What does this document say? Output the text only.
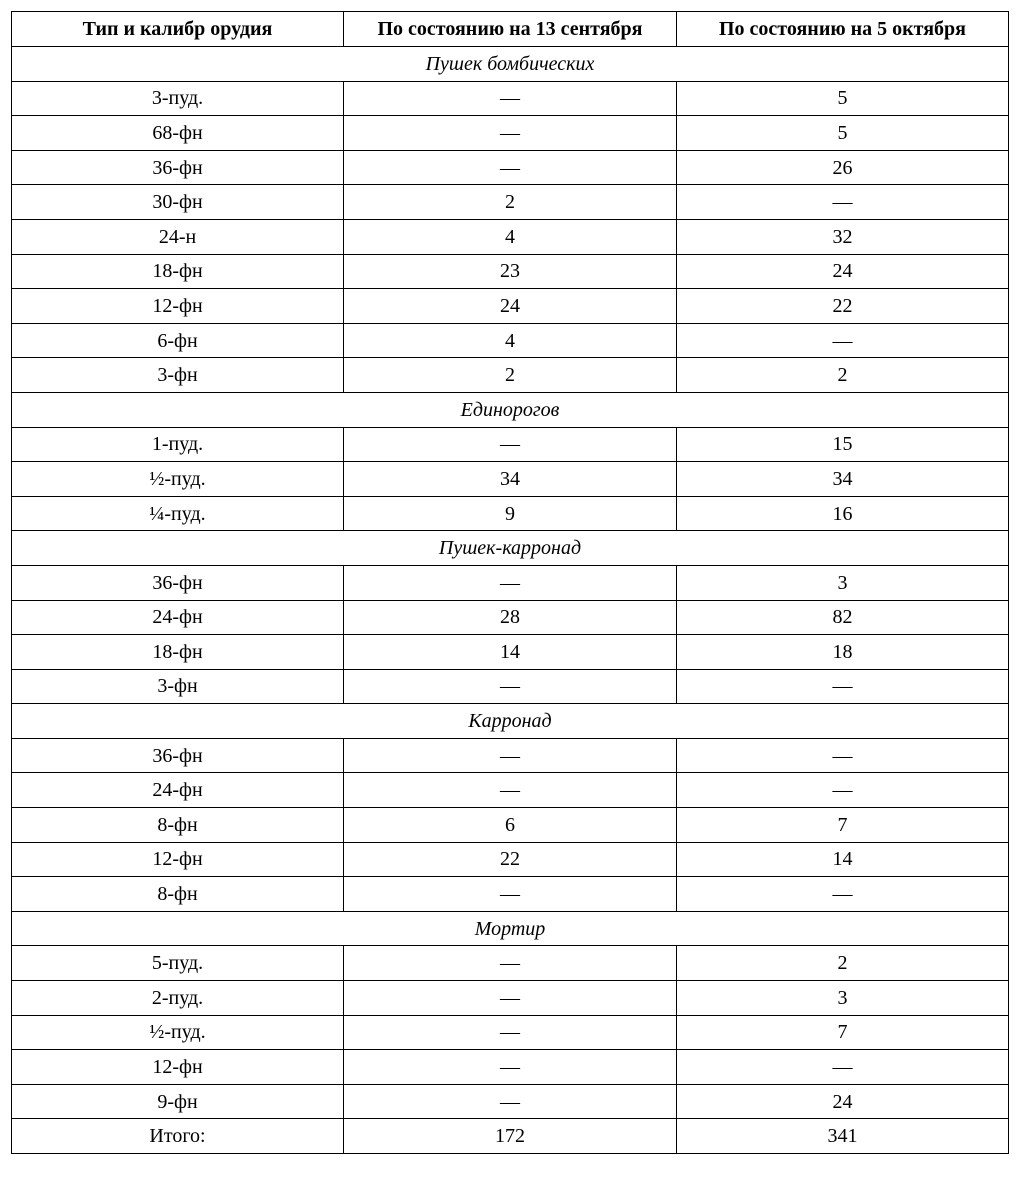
Тип и калибр орудия	По состоянию на 13 сентября	По состоянию на 5 октября
Пушек бомбических		
3-пуд.	—	5
68-фн	—	5
36-фн	—	26
30-фн	2	—
24-н	4	32
18-фн	23	24
12-фн	24	22
6-фн	4	—
3-фн	2	2
Единорогов		
1-пуд.	—	15
½-пуд.	34	34
¼-пуд.	9	16
Пушек-карронад		
36-фн	—	3
24-фн	28	82
18-фн	14	18
3-фн	—	—
Карронад		
36-фн	—	—
24-фн	—	—
8-фн	6	7
12-фн	22	14
8-фн	—	—
Мортир		
5-пуд.	—	2
2-пуд.	—	3
½-пуд.	—	7
12-фн	—	—
9-фн	—	24
Итого:	172	341
